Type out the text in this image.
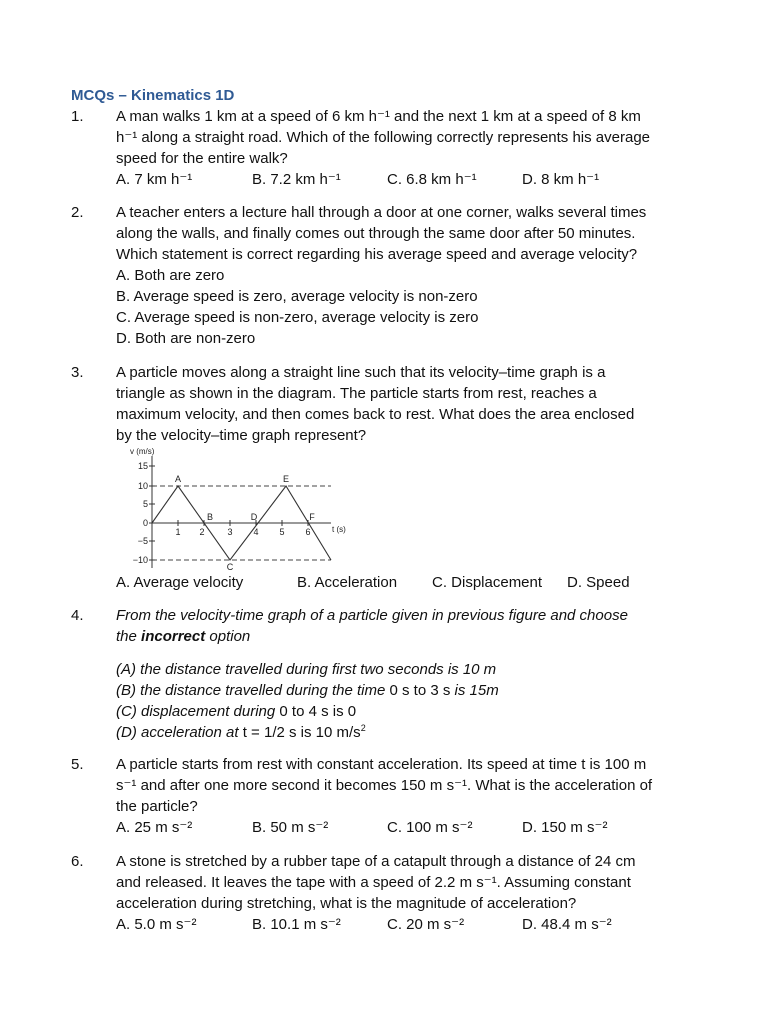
MCQs – Kinematics 1D
1. A man walks 1 km at a speed of 6 km h⁻¹ and the next 1 km at a speed of 8 km h⁻¹ along a straight road. Which of the following correctly represents his average speed for the entire walk?
A. 7 km h⁻¹	B. 7.2 km h⁻¹	C. 6.8 km h⁻¹	D. 8 km h⁻¹
2. A teacher enters a lecture hall through a door at one corner, walks several times along the walls, and finally comes out through the same door after 50 minutes. Which statement is correct regarding his average speed and average velocity?
A. Both are zero
B. Average speed is zero, average velocity is non-zero
C. Average speed is non-zero, average velocity is zero
D. Both are non-zero
3. A particle moves along a straight line such that its velocity–time graph is a triangle as shown in the diagram. The particle starts from rest, reaches a maximum velocity, and then comes back to rest. What does the area enclosed by the velocity–time graph represent?
v (m/s)
t (s)
15
10
5
0
−5
−10
1 2	3 4 5 6
A
B
C
D
E
F
A. Average velocity	B. Acceleration	C. Displacement	D. Speed
4. From the velocity-time graph of a particle given in previous figure and choose the incorrect option
(A) the distance travelled during first two seconds is 10 m
(B) the distance travelled during the time 0 s to 3 s is 15m
(C) displacement during 0 to 4 s is 0
(D) acceleration at t = 1/2 s is 10 $m/s^2$
5. A particle starts from rest with constant acceleration. Its speed at time t is 100 m s⁻¹ and after one more second it becomes 150 m s⁻¹. What is the acceleration of the particle?
A. 25 m s⁻²	B. 50 m s⁻²	C. 100 m s⁻²	D. 150 m s⁻²
6. A stone is stretched by a rubber tape of a catapult through a distance of 24 cm and released. It leaves the tape with a speed of 2.2 m s⁻¹. Assuming constant acceleration during stretching, what is the magnitude of acceleration?
A. 5.0 m s⁻²	B. 10.1 m s⁻²	C. 20 m s⁻²	D. 48.4 m s⁻²
